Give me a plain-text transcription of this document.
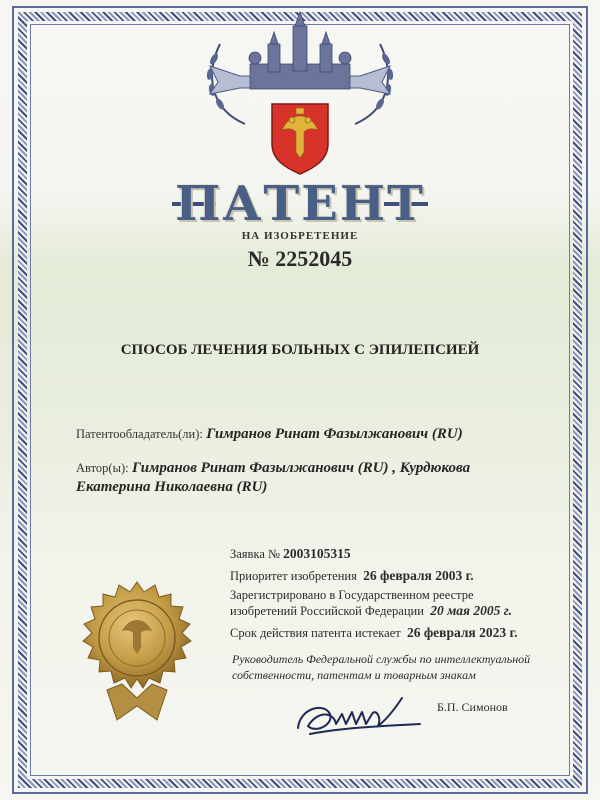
ПАТЕНТ
НА ИЗОБРЕТЕНИЕ
№ 2252045
СПОСОБ ЛЕЧЕНИЯ БОЛЬНЫХ С ЭПИЛЕПСИЕЙ
Патентообладатель(ли): Гимранов Ринат Фазылжанович (RU)
Автор(ы): Гимранов Ринат Фазылжанович (RU) , Курдюкова
Екатерина Николаевна (RU)
Заявка № 2003105315
Приоритет изобретения 26 февраля 2003 г.
Зарегистрировано в Государственном реестре
изобретений Российской Федерации 20 мая 2005 г.
Срок действия патента истекает 26 февраля 2023 г.
Руководитель Федеральной службы по интеллектуальной
собственности, патентам и товарным знакам
Б.П. Симонов
